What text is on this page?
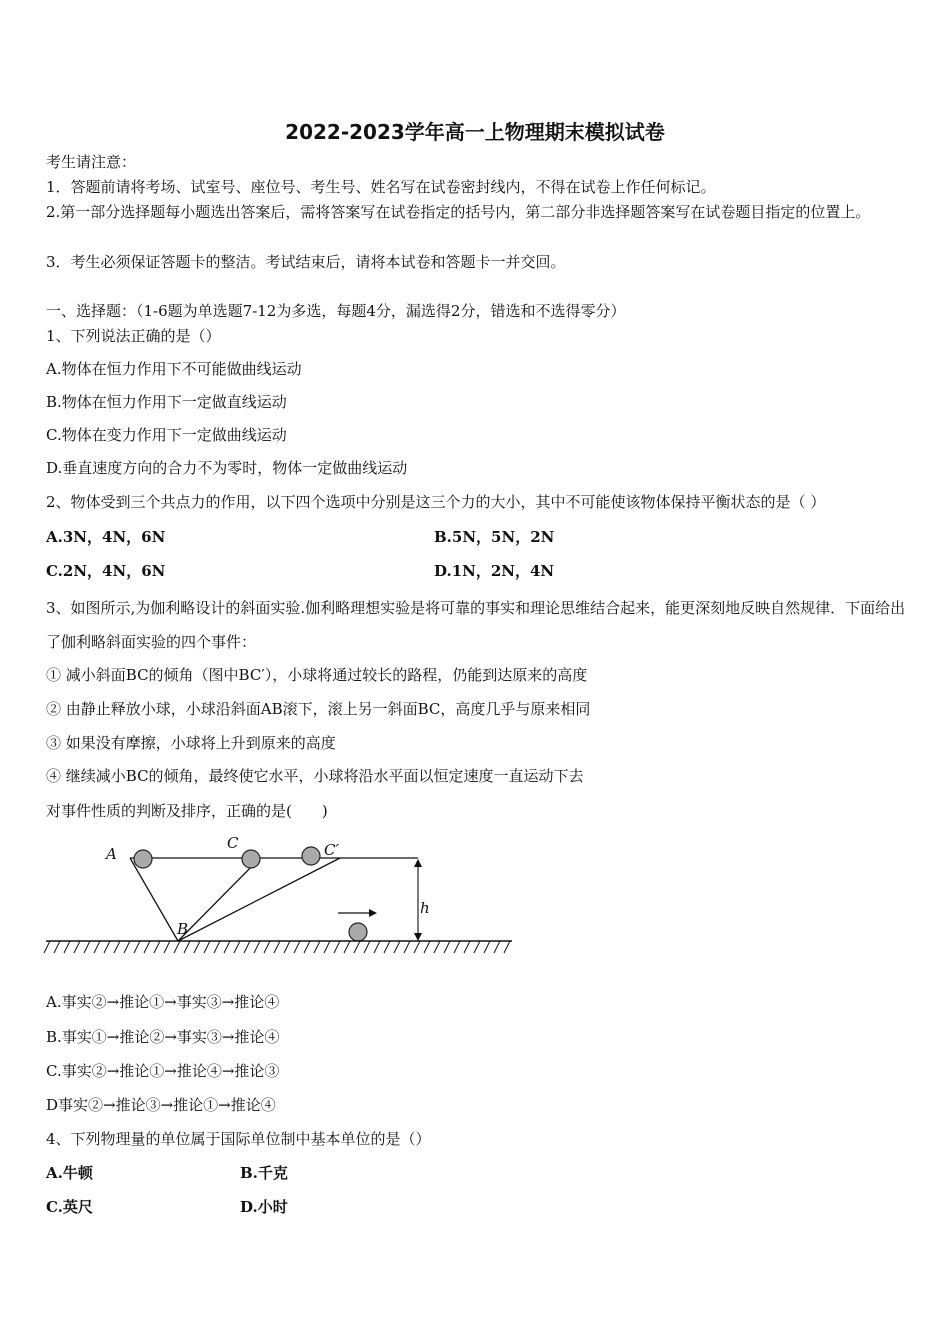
2022-2023学年高一上物理期末模拟试卷
考生请注意：
1．答题前请将考场、试室号、座位号、考生号、姓名写在试卷密封线内，不得在试卷上作任何标记。
2.第一部分选择题每小题选出答案后，需将答案写在试卷指定的括号内，第二部分非选择题答案写在试卷题目指定的位置上。
3．考生必须保证答题卡的整洁。考试结束后，请将本试卷和答题卡一并交回。
一、选择题：（1-6题为单选题7-12为多选，每题4分，漏选得2分，错选和不选得零分）
1、下列说法正确的是（）
A.物体在恒力作用下不可能做曲线运动
B.物体在恒力作用下一定做直线运动
C.物体在变力作用下一定做曲线运动
D.垂直速度方向的合力不为零时，物体一定做曲线运动
2、物体受到三个共点力的作用，以下四个选项中分别是这三个力的大小，其中不可能使该物体保持平衡状态的是（ ）
A.3N，4N，6N	B.5N，5N，2N
C.2N，4N，6N	D.1N，2N，4N
3、如图所示,为伽利略设计的斜面实验.伽利略理想实验是将可靠的事实和理论思维结合起来，能更深刻地反映自然规律．下面给出了伽利略斜面实验的四个事件：
① 减小斜面BC的倾角（图中BC′），小球将通过较长的路程，仍能到达原来的高度
② 由静止释放小球，小球沿斜面AB滚下，滚上另一斜面BC，高度几乎与原来相同
③ 如果没有摩擦，小球将上升到原来的高度
④ 继续减小BC的倾角，最终使它水平，小球将沿水平面以恒定速度一直运动下去
对事件性质的判断及排序，正确的是(　　)
A
B
C	C′
h
A.事实②→推论①→事实③→推论④
B.事实①→推论②→事实③→推论④
C.事实②→推论①→推论④→推论③
D事实②→推论③→推论①→推论④
4、下列物理量的单位属于国际单位制中基本单位的是（）
A.牛顿	B.千克
C.英尺	D.小时
